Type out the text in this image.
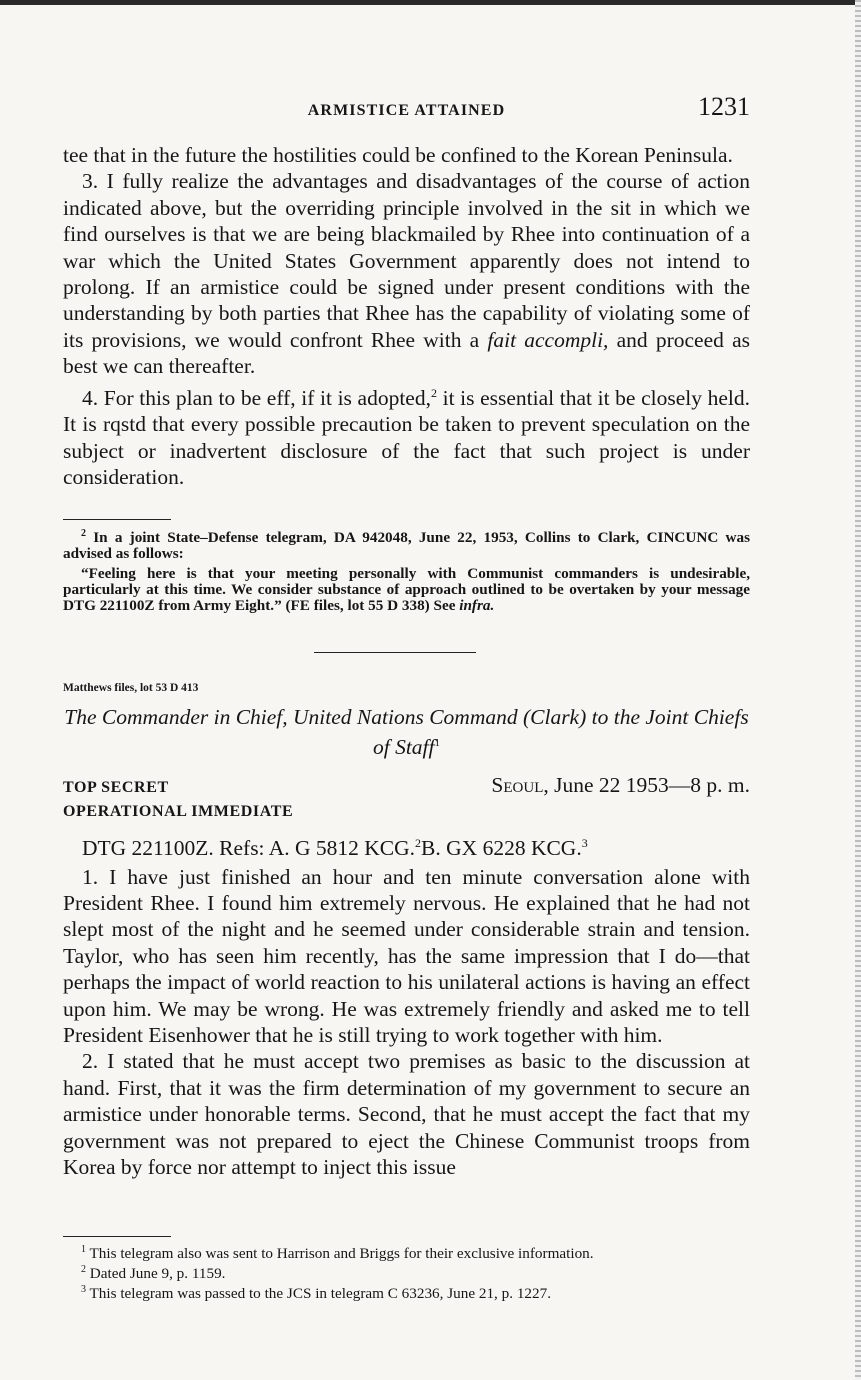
ARMISTICE ATTAINED	1231

tee that in the future the hostilities could be confined to the Korean Peninsula.

3. I fully realize the advantages and disadvantages of the course of action indicated above, but the overriding principle involved in the sit in which we find ourselves is that we are being blackmailed by Rhee into continuation of a war which the United States Government apparently does not intend to prolong. If an armistice could be signed under present conditions with the understanding by both parties that Rhee has the capability of violating some of its provisions, we would confront Rhee with a fait accompli, and proceed as best we can thereafter.

4. For this plan to be eff, if it is adopted,$^2$ it is essential that it be closely held. It is rqstd that every possible precaution be taken to prevent speculation on the subject or inadvertent disclosure of the fact that such project is under consideration.

$^2$ In a joint State–Defense telegram, DA 942048, June 22, 1953, Collins to Clark, CINCUNC was advised as follows:

“Feeling here is that your meeting personally with Communist commanders is undesirable, particularly at this time. We consider substance of approach outlined to be overtaken by your message DTG 221100Z from Army Eight.” (FE files, lot 55 D 338) See infra.

Matthews files, lot 53 D 413
The Commander in Chief, United Nations Command (Clark) to the Joint Chiefs of Staff$^1$
TOP SECRET
OPERATIONAL IMMEDIATE
Seoul, June 22 1953—8 p. m.

DTG 221100Z. Refs: A. G 5812 KCG.$^2$B. GX 6228 KCG.$^3$

1. I have just finished an hour and ten minute conversation alone with President Rhee. I found him extremely nervous. He explained that he had not slept most of the night and he seemed under considerable strain and tension. Taylor, who has seen him recently, has the same impression that I do—that perhaps the impact of world reaction to his unilateral actions is having an effect upon him. We may be wrong. He was extremely friendly and asked me to tell President Eisenhower that he is still trying to work together with him.

2. I stated that he must accept two premises as basic to the discussion at hand. First, that it was the firm determination of my government to secure an armistice under honorable terms. Second, that he must accept the fact that my government was not prepared to eject the Chinese Communist troops from Korea by force nor attempt to inject this issue

$^1$ This telegram also was sent to Harrison and Briggs for their exclusive information.

$^2$ Dated June 9, p. 1159.

$^3$ This telegram was passed to the JCS in telegram C 63236, June 21, p. 1227.
